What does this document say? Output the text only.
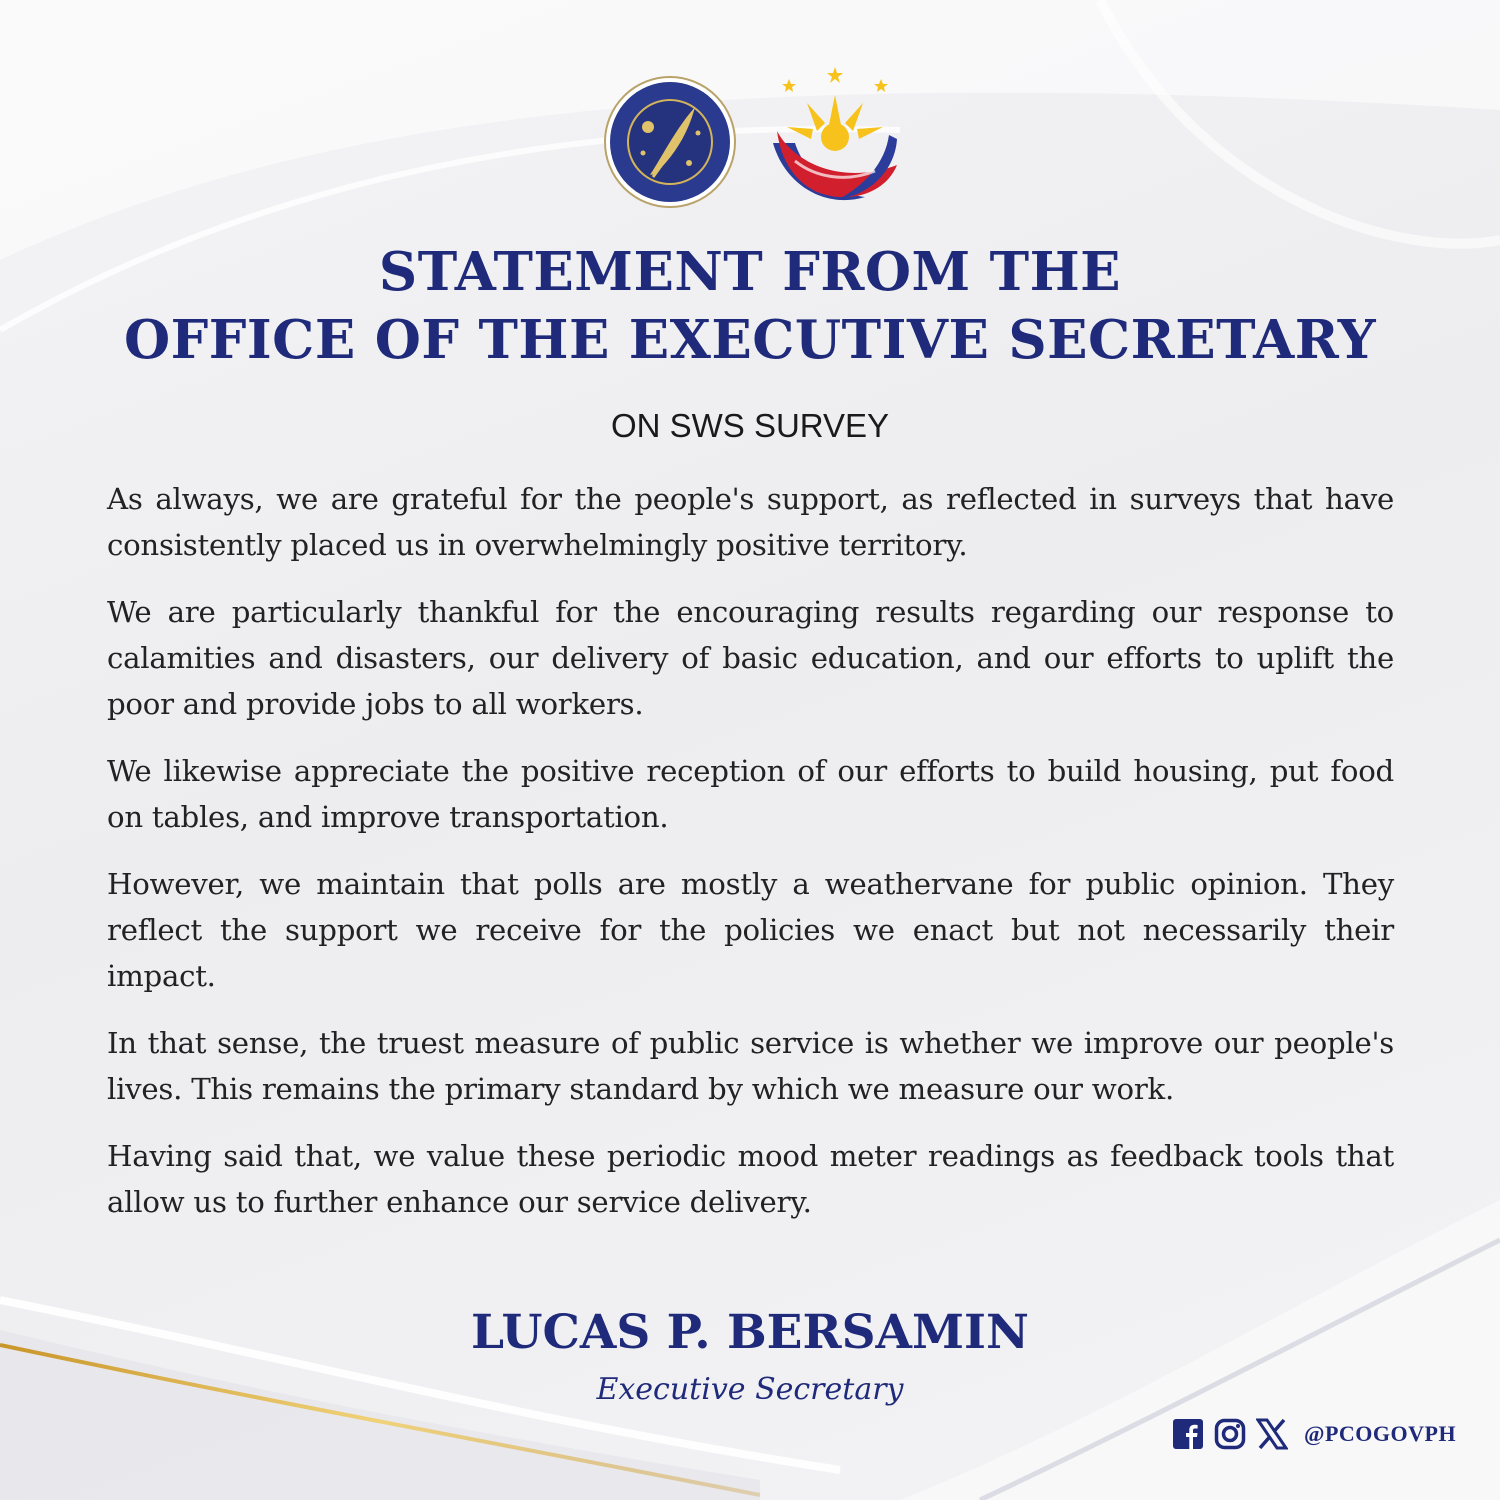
STATEMENT FROM THE
OFFICE OF THE EXECUTIVE SECRETARY
ON SWS SURVEY

As always, we are grateful for the people's support, as reflected in surveys that have consistently placed us in overwhelmingly positive territory.

We are particularly thankful for the encouraging results regarding our response to calamities and disasters, our delivery of basic education, and our efforts to uplift the poor and provide jobs to all workers.

We likewise appreciate the positive reception of our efforts to build housing, put food on tables, and improve transportation.

However, we maintain that polls are mostly a weathervane for public opinion. They reflect the support we receive for the policies we enact but not necessarily their impact.

In that sense, the truest measure of public service is whether we improve our people's lives. This remains the primary standard by which we measure our work.

Having said that, we value these periodic mood meter readings as feedback tools that allow us to further enhance our service delivery.

LUCAS P. BERSAMIN
Executive Secretary
@PCOGOVPH
